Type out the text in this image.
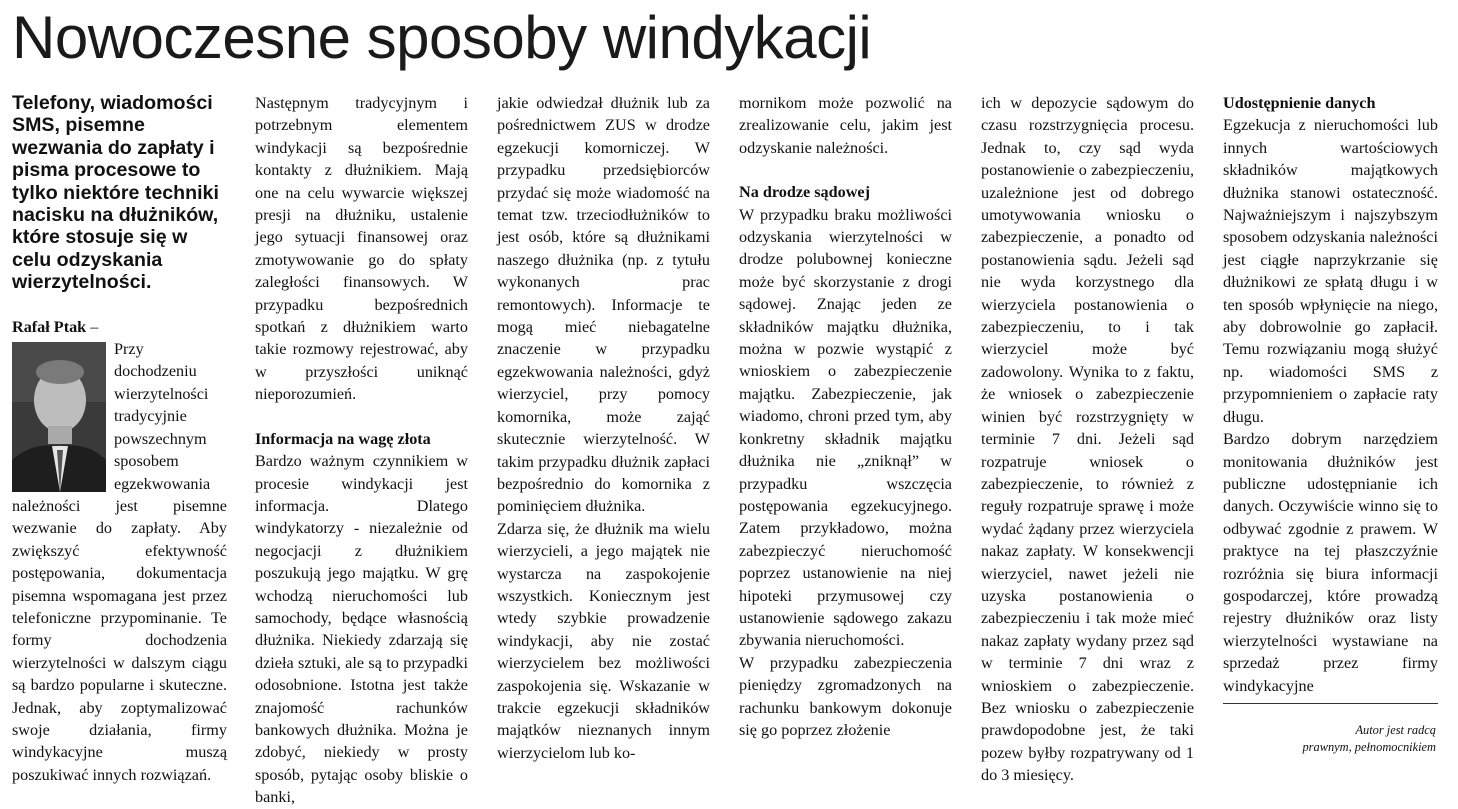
Nowoczesne sposoby windykacji

Telefony, wiadomości SMS, pisemne wezwania do zapłaty i pisma procesowe to tylko niektóre techniki nacisku na dłużników, które stosuje się w celu odzyskania wierzytelności.

Rafał Ptak –

Przy dochodzeniu wierzytelności tradycyjnie powszechnym sposobem egzekwowania należności jest pisemne wezwanie do zapłaty. Aby zwiększyć efektywność postępowania, dokumentacja pisemna wspomagana jest przez telefoniczne przypominanie. Te formy dochodzenia wierzytelności w dalszym ciągu są bardzo popularne i skuteczne. Jednak, aby zoptymalizować swoje działania, firmy windykacyjne muszą poszukiwać innych rozwiązań.

Następnym tradycyjnym i potrzebnym elementem windykacji są bezpośrednie kontakty z dłużnikiem. Mają one na celu wywarcie większej presji na dłużniku, ustalenie jego sytuacji finansowej oraz zmotywowanie go do spłaty zaległości finansowych. W przypadku bezpośrednich spotkań z dłużnikiem warto takie rozmowy rejestrować, aby w przyszłości uniknąć nieporozumień.

Informacja na wagę złota

Bardzo ważnym czynnikiem w procesie windykacji jest informacja. Dlatego windykatorzy - niezależnie od negocjacji z dłużnikiem poszukują jego majątku. W grę wchodzą nieruchomości lub samochody, będące własnością dłużnika. Niekiedy zdarzają się dzieła sztuki, ale są to przypadki odosobnione. Istotna jest także znajomość rachunków bankowych dłużnika. Można je zdobyć, niekiedy w prosty sposób, pytając osoby bliskie o banki,

jakie odwiedzał dłużnik lub za pośrednictwem ZUS w drodze egzekucji komorniczej. W przypadku przedsiębiorców przydać się może wiadomość na temat tzw. trzeciodłużników to jest osób, które są dłużnikami naszego dłużnika (np. z tytułu wykonanych prac remontowych). Informacje te mogą mieć niebagatelne znaczenie w przypadku egzekwowania należności, gdyż wierzyciel, przy pomocy komornika, może zająć skutecznie wierzytelność. W takim przypadku dłużnik zapłaci bezpośrednio do komornika z pominięciem dłużnika.

Zdarza się, że dłużnik ma wielu wierzycieli, a jego majątek nie wystarcza na zaspokojenie wszystkich. Koniecznym jest wtedy szybkie prowadzenie windykacji, aby nie zostać wierzycielem bez możliwości zaspokojenia się. Wskazanie w trakcie egzekucji składników majątków nieznanych innym wierzycielom lub ko-

mornikom może pozwolić na zrealizowanie celu, jakim jest odzyskanie należności.

Na drodze sądowej

W przypadku braku możliwości odzyskania wierzytelności w drodze polubownej konieczne może być skorzystanie z drogi sądowej. Znając jeden ze składników majątku dłużnika, można w pozwie wystąpić z wnioskiem o zabezpieczenie majątku. Zabezpieczenie, jak wiadomo, chroni przed tym, aby konkretny składnik majątku dłużnika nie „zniknął” w przypadku wszczęcia postępowania egzekucyjnego. Zatem przykładowo, można zabezpieczyć nieruchomość poprzez ustanowienie na niej hipoteki przymusowej czy ustanowienie sądowego zakazu zbywania nieruchomości.

W przypadku zabezpieczenia pieniędzy zgromadzonych na rachunku bankowym dokonuje się go poprzez złożenie

ich w depozycie sądowym do czasu rozstrzygnięcia procesu. Jednak to, czy sąd wyda postanowienie o zabezpieczeniu, uzależnione jest od dobrego umotywowania wniosku o zabezpieczenie, a ponadto od postanowienia sądu. Jeżeli sąd nie wyda korzystnego dla wierzyciela postanowienia o zabezpieczeniu, to i tak wierzyciel może być zadowolony. Wynika to z faktu, że wniosek o zabezpieczenie winien być rozstrzygnięty w terminie 7 dni. Jeżeli sąd rozpatruje wniosek o zabezpieczenie, to również z reguły rozpatruje sprawę i może wydać żądany przez wierzyciela nakaz zapłaty. W konsekwencji wierzyciel, nawet jeżeli nie uzyska postanowienia o zabezpieczeniu i tak może mieć nakaz zapłaty wydany przez sąd w terminie 7 dni wraz z wnioskiem o zabezpieczenie. Bez wniosku o zabezpieczenie prawdopodobne jest, że taki pozew byłby rozpatrywany od 1 do 3 miesięcy.

Udostępnienie danych

Egzekucja z nieruchomości lub innych wartościowych składników majątkowych dłużnika stanowi ostateczność. Najważniejszym i najszybszym sposobem odzyskania należności jest ciągłe naprzykrzanie się dłużnikowi ze spłatą długu i w ten sposób wpłynięcie na niego, aby dobrowolnie go zapłacił. Temu rozwiązaniu mogą służyć np. wiadomości SMS z przypomnieniem o zapłacie raty długu.

Bardzo dobrym narzędziem monitowania dłużników jest publiczne udostępnianie ich danych. Oczywiście winno się to odbywać zgodnie z prawem. W praktyce na tej płaszczyźnie rozróżnia się biura informacji gospodarczej, które prowadzą rejestry dłużników oraz listy wierzytelności wystawiane na sprzedaż przez firmy windykacyjne

Autor jest radcą
prawnym, pełnomocnikiem
